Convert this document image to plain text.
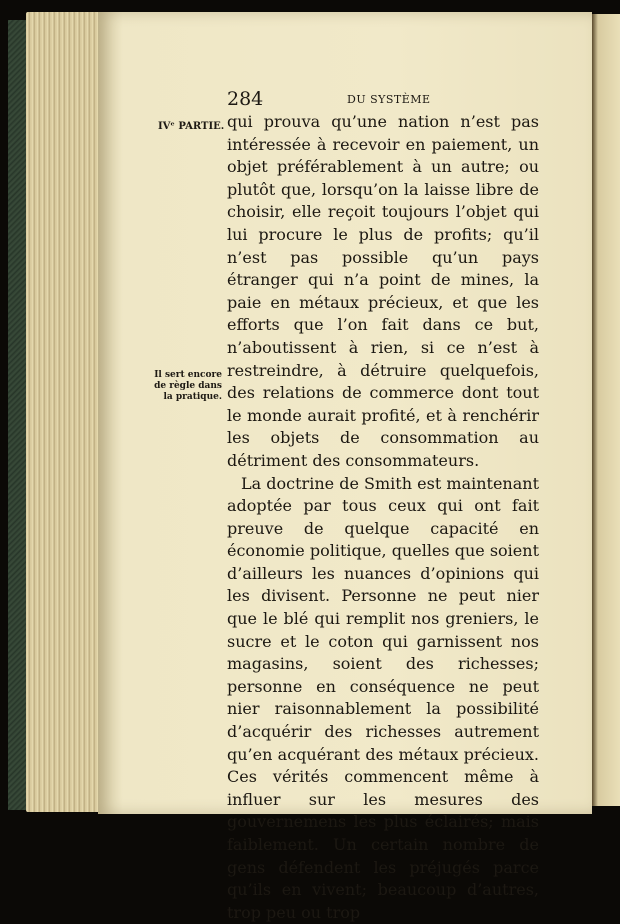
284	DU SYSTÈME
IVᵉ PARTIE.
Il sert encore de règle dans la pratique.

qui prouva qu’une nation n’est pas intéressée à recevoir en paiement, un objet préférablement à un autre; ou plutôt que, lorsqu’on la laisse libre de choisir, elle reçoit toujours l’objet qui lui procure le plus de profits; qu’il n’est pas possible qu’un pays étranger qui n’a point de mines, la paie en métaux précieux, et que les efforts que l’on fait dans ce but, n’aboutissent à rien, si ce n’est à restreindre, à détruire quelquefois, des relations de commerce dont tout le monde aurait profité, et à renchérir les objets de consommation au détriment des consommateurs.

La doctrine de Smith est maintenant adoptée par tous ceux qui ont fait preuve de quelque capacité en économie politique, quelles que soient d’ailleurs les nuances d’opinions qui les divisent. Personne ne peut nier que le blé qui remplit nos greniers, le sucre et le coton qui garnissent nos magasins, soient des richesses; personne en conséquence ne peut nier raisonnablement la possibilité d’acquérir des richesses autrement qu’en acquérant des métaux précieux. Ces vérités commencent même à influer sur les mesures des gouvernemens les plus éclairés; mais faiblement. Un certain nombre de gens défendent les préjugés parce qu’ils en vivent; beaucoup d’autres, trop peu ou trop
